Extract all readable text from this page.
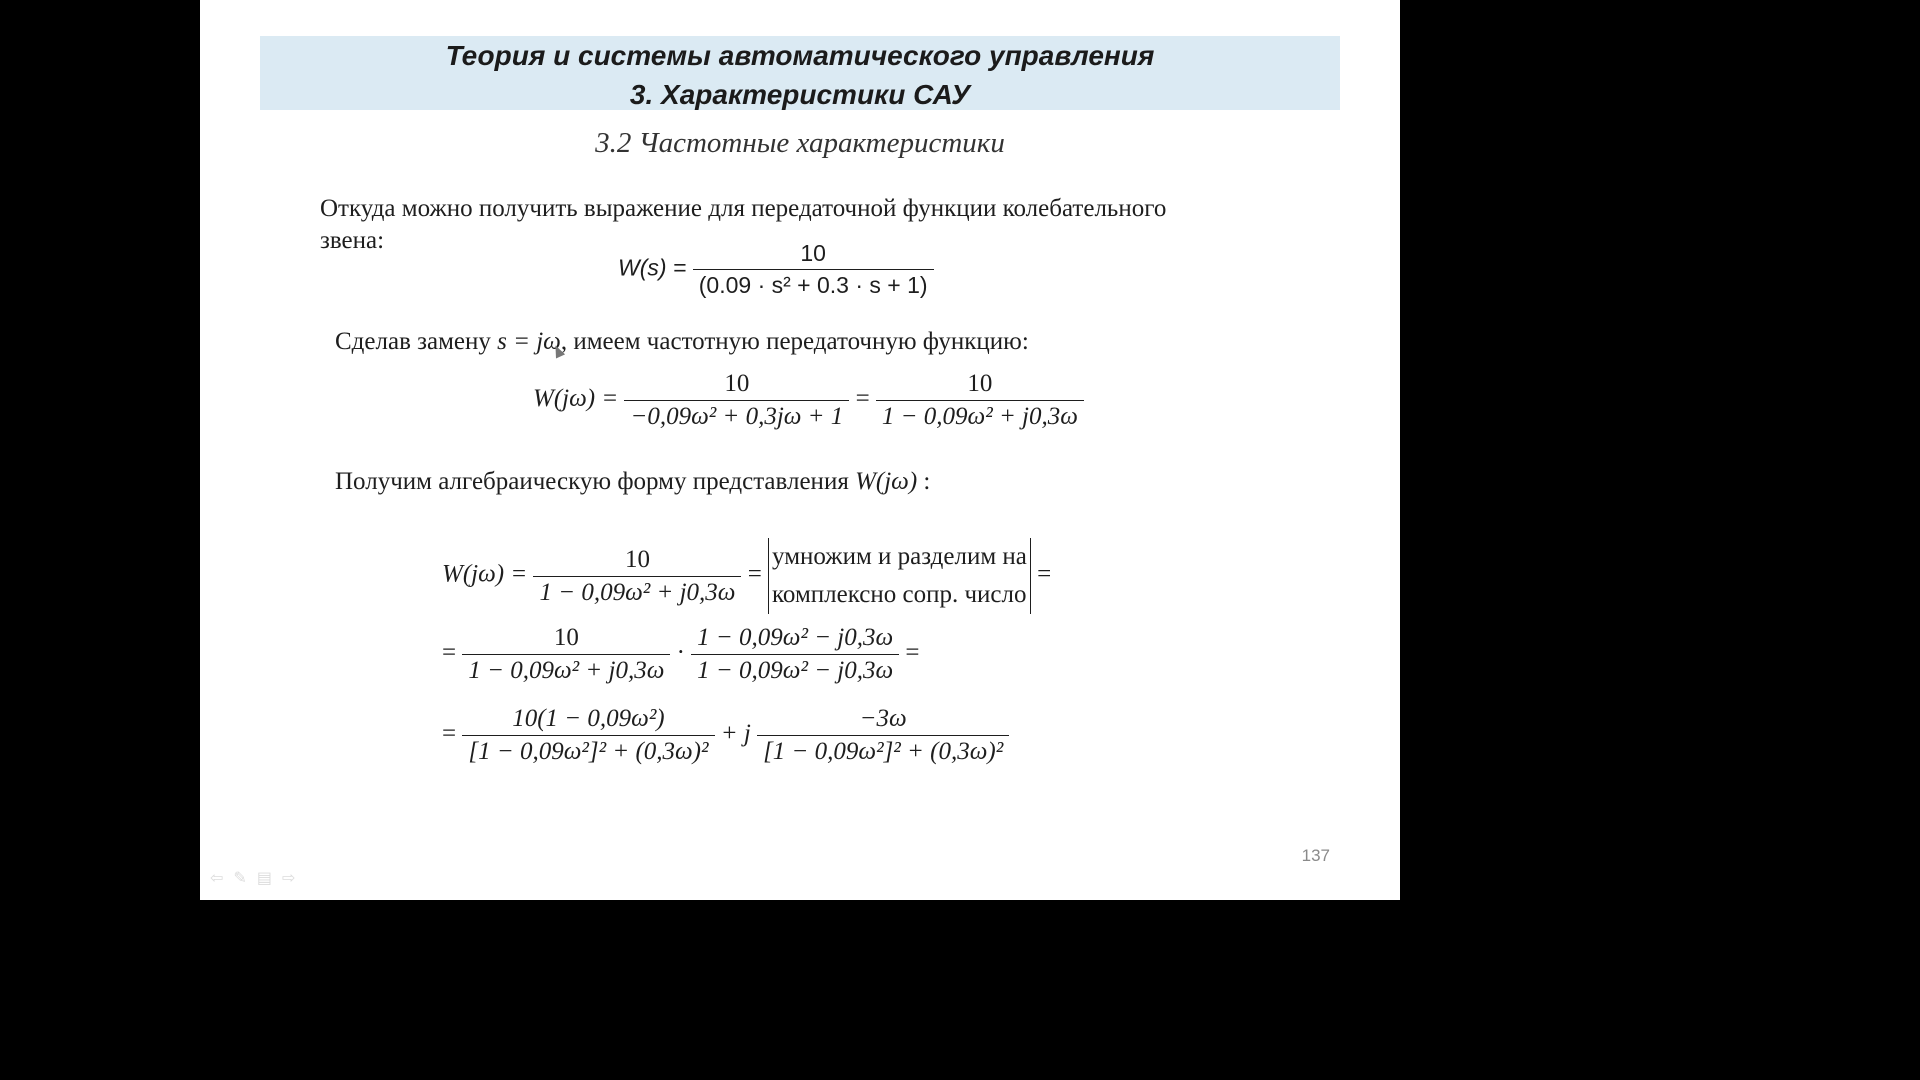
Теория и системы автоматического управления
3. Характеристики САУ
3.2 Частотные характеристики
Откуда можно получить выражение для передаточной функции колебательного
звена:
$W(s) = \frac{10}{\text{(0.09 · s² + 0.3 · s + 1)}}$
Сделав замену s = jω, имеем частотную передаточную функцию:
$W(j\omega) = \frac{10}{\text{−0,09ω² + 0,3jω + 1}} = \frac{10}{\text{1 − 0,09ω² + j0,3ω}}$
Получим алгебраическую форму представления W(jω) :
$W(j\omega) = \frac{10}{\text{1 − 0,09ω² + j0,3ω}}$ =
умножим и разделим на
комплексно сопр. число
=
= $\frac{10}{\text{1 − 0,09ω² + j0,3ω}} \cdot \frac{\text{1 − 0,09ω² − j0,3ω}}{\text{1 − 0,09ω² − j0,3ω}}$ =
= $\frac{\text{10(1 − 0,09ω²)}}{\text{[1 − 0,09ω²]² + (0,3ω)²}} + j \frac{-3\omega}{\text{[1 − 0,09ω²]² + (0,3ω)²}}$
137
⇦✎▤⇨
